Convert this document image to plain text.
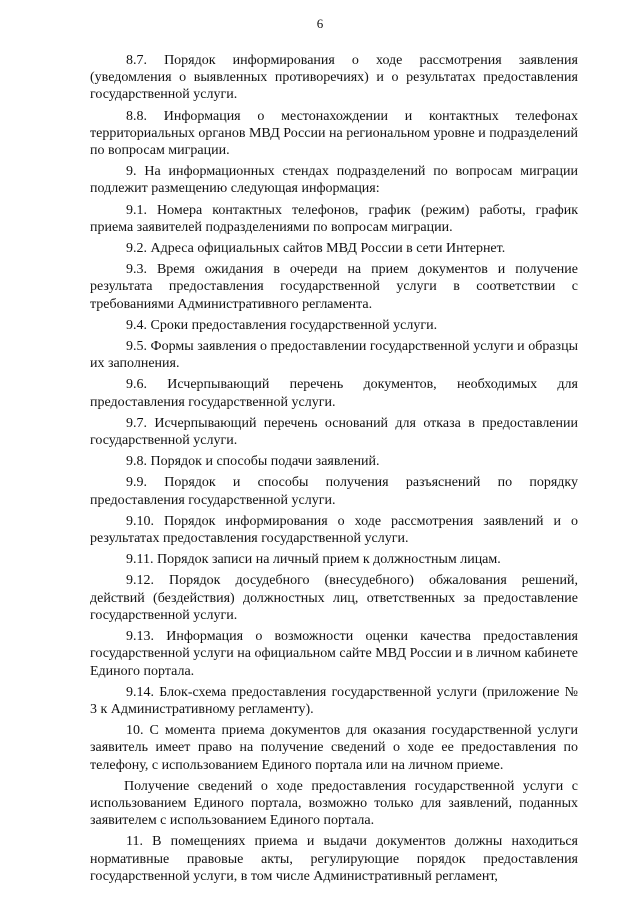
6

8.7. Порядок информирования о ходе рассмотрения заявления (уведомления о выявленных противоречиях) и о результатах предоставления государственной услуги.

8.8. Информация о местонахождении и контактных телефонах территориальных органов МВД России на региональном уровне и подразделений по вопросам миграции.

9. На информационных стендах подразделений по вопросам миграции подлежит размещению следующая информация:

9.1. Номера контактных телефонов, график (режим) работы, график приема заявителей подразделениями по вопросам миграции.

9.2. Адреса официальных сайтов МВД России в сети Интернет.

9.3. Время ожидания в очереди на прием документов и получение результата предоставления государственной услуги в соответствии с требованиями Административного регламента.

9.4. Сроки предоставления государственной услуги.

9.5. Формы заявления о предоставлении государственной услуги и образцы их заполнения.

9.6. Исчерпывающий перечень документов, необходимых для предоставления государственной услуги.

9.7. Исчерпывающий перечень оснований для отказа в предоставлении государственной услуги.

9.8. Порядок и способы подачи заявлений.

9.9. Порядок и способы получения разъяснений по порядку предоставления государственной услуги.

9.10. Порядок информирования о ходе рассмотрения заявлений и о результатах предоставления государственной услуги.

9.11. Порядок записи на личный прием к должностным лицам.

9.12. Порядок досудебного (внесудебного) обжалования решений, действий (бездействия) должностных лиц, ответственных за предоставление государственной услуги.

9.13. Информация о возможности оценки качества предоставления государственной услуги на официальном сайте МВД России и в личном кабинете Единого портала.

9.14. Блок-схема предоставления государственной услуги (приложение № 3 к Административному регламенту).

10. С момента приема документов для оказания государственной услуги заявитель имеет право на получение сведений о ходе ее предоставления по телефону, с использованием Единого портала или на личном приеме.

Получение сведений о ходе предоставления государственной услуги с использованием Единого портала, возможно только для заявлений, поданных заявителем с использованием Единого портала.

11. В помещениях приема и выдачи документов должны находиться нормативные правовые акты, регулирующие порядок предоставления государственной услуги, в том числе Административный регламент,
